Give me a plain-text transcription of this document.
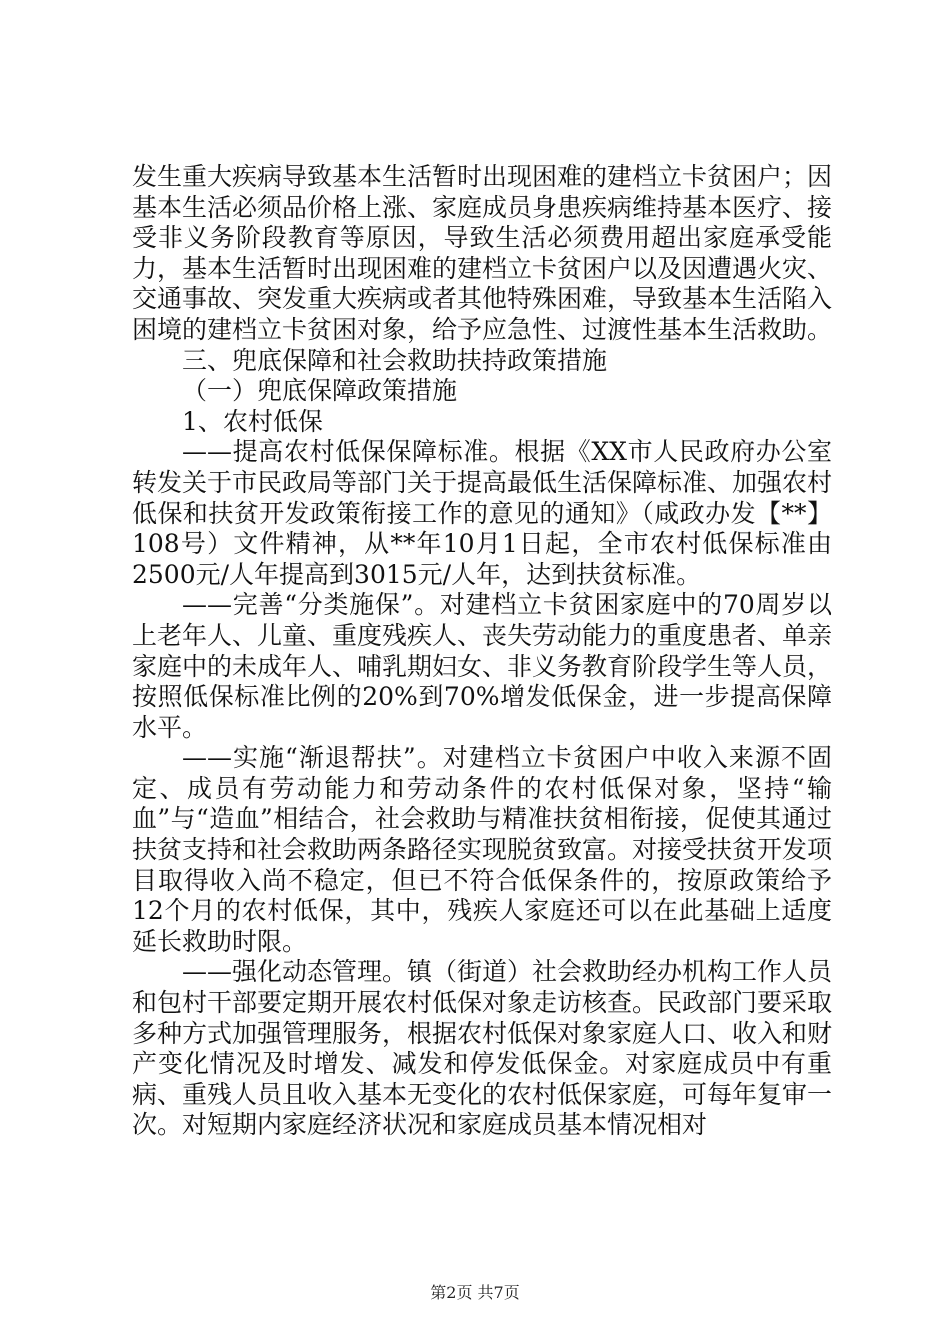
发生重大疾病导致基本生活暂时出现困难的建档立卡贫困户；因基本生活必须品价格上涨、家庭成员身患疾病维持基本医疗、接受非义务阶段教育等原因，导致生活必须费用超出家庭承受能力，基本生活暂时出现困难的建档立卡贫困户以及因遭遇火灾、交通事故、突发重大疾病或者其他特殊困难，导致基本生活陷入困境的建档立卡贫困对象，给予应急性、过渡性基本生活救助。

三、兜底保障和社会救助扶持政策措施

（一）兜底保障政策措施

1、农村低保

——提高农村低保保障标准。根据《XX市人民政府办公室转发关于市民政局等部门关于提高最低生活保障标准、加强农村低保和扶贫开发政策衔接工作的意见的通知》（咸政办发【**】108号）文件精神，从**年10月1日起，全市农村低保标准由2500元/人年提高到3015元/人年，达到扶贫标准。

——完善“分类施保”。对建档立卡贫困家庭中的70周岁以上老年人、儿童、重度残疾人、丧失劳动能力的重度患者、单亲家庭中的未成年人、哺乳期妇女、非义务教育阶段学生等人员，按照低保标准比例的20%到70%增发低保金，进一步提高保障水平。

——实施“渐退帮扶”。对建档立卡贫困户中收入来源不固定、成员有劳动能力和劳动条件的农村低保对象，坚持“输血”与“造血”相结合，社会救助与精准扶贫相衔接，促使其通过扶贫支持和社会救助两条路径实现脱贫致富。对接受扶贫开发项目取得收入尚不稳定，但已不符合低保条件的，按原政策给予12个月的农村低保，其中，残疾人家庭还可以在此基础上适度延长救助时限。

——强化动态管理。镇（街道）社会救助经办机构工作人员和包村干部要定期开展农村低保对象走访核查。民政部门要采取多种方式加强管理服务，根据农村低保对象家庭人口、收入和财产变化情况及时增发、减发和停发低保金。对家庭成员中有重病、重残人员且收入基本无变化的农村低保家庭，可每年复审一次。对短期内家庭经济状况和家庭成员基本情况相对

第2页 共7页
